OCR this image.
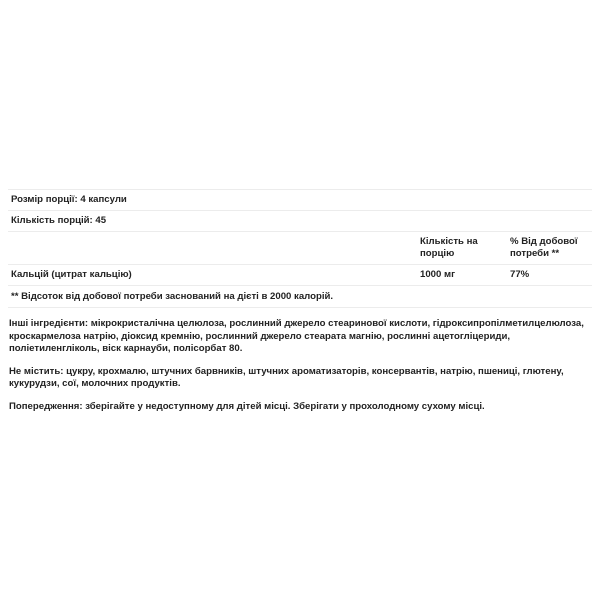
Розмір порції: 4 капсули
Кількість порцій: 45
Кількість на порцію
% Від добової потреби **
Кальцій (цитрат кальцію)	1000 мг	77%
** Відсоток від добової потреби заснований на дієті в 2000 калорій.

Інші інгредієнти: мікрокристалічна целюлоза, рослинний джерело стеаринової кислоти, гідроксипропілметилцелюлоза, кроскармелоза натрію, діоксид кремнію, рослинний джерело стеарата магнію, рослинні ацетогліцериди, поліетиленгліколь, віск карнауби, полісорбат 80.

Не містить: цукру, крохмалю, штучних барвників, штучних ароматизаторів, консервантів, натрію, пшениці, глютену, кукурудзи, сої, молочних продуктів.

Попередження: зберігайте у недоступному для дітей місці. Зберігати у прохолодному сухому місці.
